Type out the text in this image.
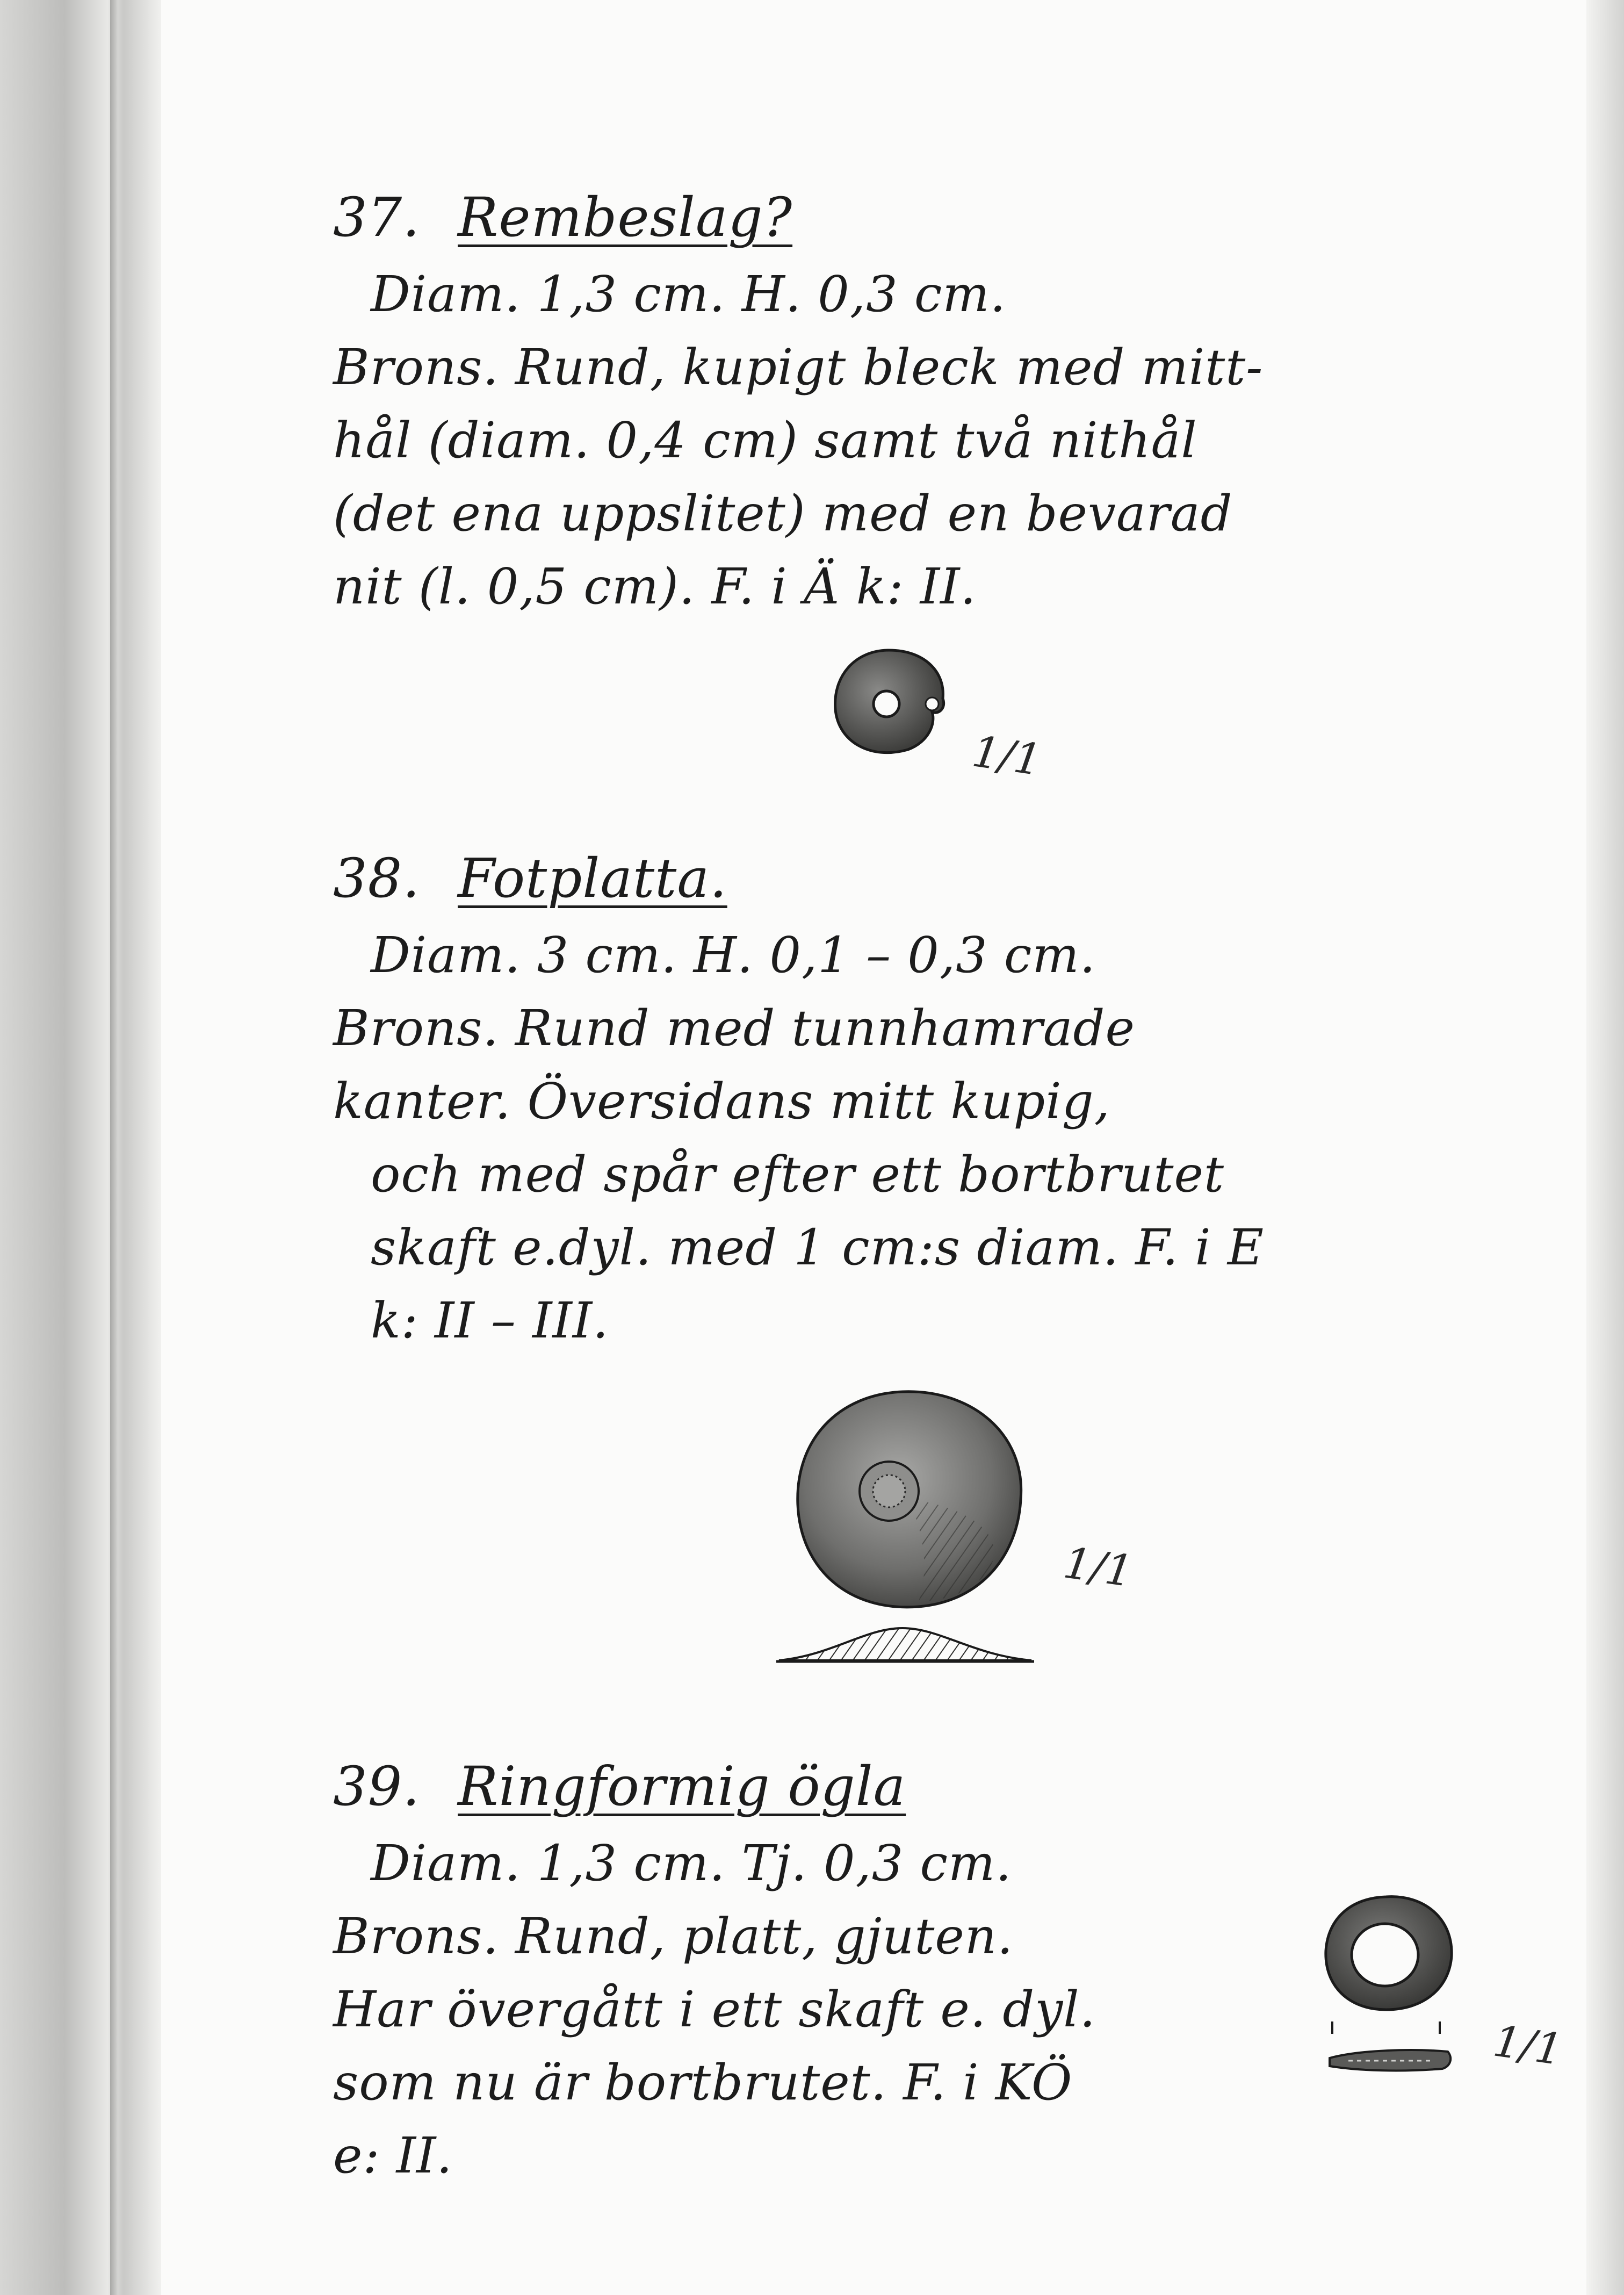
37. Rembeslag?
Diam. 1,3 cm. H. 0,3 cm.
Brons. Rund, kupigt bleck med mitt-
hål (diam. 0,4 cm) samt två nithål
(det ena uppslitet) med en bevarad
nit (l. 0,5 cm). F. i Ä k: II.
1/1
38. Fotplatta.
Diam. 3 cm. H. 0,1 – 0,3 cm.
Brons. Rund med tunnhamrade
kanter. Översidans mitt kupig,
och med spår efter ett bortbrutet
skaft e.dyl. med 1 cm:s diam. F. i E
k: II – III.
1/1
39. Ringformig ögla
Diam. 1,3 cm. Tj. 0,3 cm.
Brons. Rund, platt, gjuten.
Har övergått i ett skaft e. dyl.
som nu är bortbrutet. F. i KÖ
e: II.
1/1
